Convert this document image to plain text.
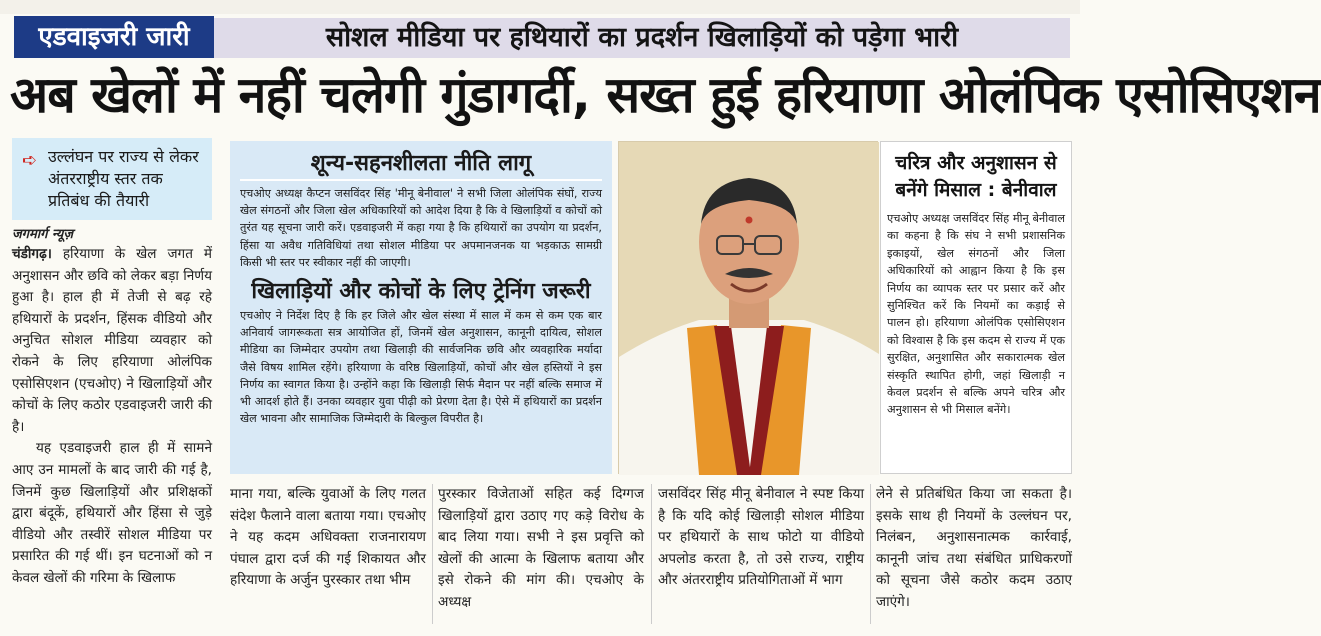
एडवाइजरी जारी	सोशल मीडिया पर हथियारों का प्रदर्शन खिलाड़ियों को पड़ेगा भारी
अब खेलों में नहीं चलेगी गुंडागर्दी, सख्त हुई हरियाणा ओलंपिक एसोसिएशन
➪ उल्लंघन पर राज्य से लेकर अंतरराष्ट्रीय स्तर तक प्रतिबंध की तैयारी
जगमार्ग न्यूज़

चंडीगढ़। हरियाणा के खेल जगत में अनुशासन और छवि को लेकर बड़ा निर्णय हुआ है। हाल ही में तेजी से बढ़ रहे हथियारों के प्रदर्शन, हिंसक वीडियो और अनुचित सोशल मीडिया व्यवहार को रोकने के लिए हरियाणा ओलंपिक एसोसिएशन (एचओए) ने खिलाड़ियों और कोचों के लिए कठोर एडवाइजरी जारी की है।

यह एडवाइजरी हाल ही में सामने आए उन मामलों के बाद जारी की गई है, जिनमें कुछ खिलाड़ियों और प्रशिक्षकों द्वारा बंदूकें, हथियारों और हिंसा से जुड़े वीडियो और तस्वीरें सोशल मीडिया पर प्रसारित की गई थीं। इन घटनाओं को न केवल खेलों की गरिमा के खिलाफ

शून्य-सहनशीलता नीति लागू

एचओए अध्यक्ष कैप्टन जसविंदर सिंह 'मीनू बेनीवाल' ने सभी जिला ओलंपिक संघों, राज्य खेल संगठनों और जिला खेल अधिकारियों को आदेश दिया है कि वे खिलाड़ियों व कोचों को तुरंत यह सूचना जारी करें। एडवाइजरी में कहा गया है कि हथियारों का उपयोग या प्रदर्शन, हिंसा या अवैध गतिविधियां तथा सोशल मीडिया पर अपमानजनक या भड़काऊ सामग्री किसी भी स्तर पर स्वीकार नहीं की जाएगी।

खिलाड़ियों और कोचों के लिए ट्रेनिंग जरूरी

एचओए ने निर्देश दिए है कि हर जिले और खेल संस्था में साल में कम से कम एक बार अनिवार्य जागरूकता सत्र आयोजित हों, जिनमें खेल अनुशासन, कानूनी दायित्व, सोशल मीडिया का जिम्मेदार उपयोग तथा खिलाड़ी की सार्वजनिक छवि और व्यवहारिक मर्यादा जैसे विषय शामिल रहेंगे। हरियाणा के वरिष्ठ खिलाड़ियों, कोचों और खेल हस्तियों ने इस निर्णय का स्वागत किया है। उन्होंने कहा कि खिलाड़ी सिर्फ मैदान पर नहीं बल्कि समाज में भी आदर्श होते हैं। उनका व्यवहार युवा पीढ़ी को प्रेरणा देता है। ऐसे में हथियारों का प्रदर्शन खेल भावना और सामाजिक जिम्मेदारी के बिल्कुल विपरीत है।

चरित्र और अनुशासन से बनेंगे मिसाल : बेनीवाल

एचओए अध्यक्ष जसविंदर सिंह मीनू बेनीवाल का कहना है कि संघ ने सभी प्रशासनिक इकाइयों, खेल संगठनों और जिला अधिकारियों को आह्वान किया है कि इस निर्णय का व्यापक स्तर पर प्रसार करें और सुनिश्चित करें कि नियमों का कड़ाई से पालन हो। हरियाणा ओलंपिक एसोसिएशन को विश्वास है कि इस कदम से राज्य में एक सुरक्षित, अनुशासित और सकारात्मक खेल संस्कृति स्थापित होगी, जहां खिलाड़ी न केवल प्रदर्शन से बल्कि अपने चरित्र और अनुशासन से भी मिसाल बनेंगे।

माना गया, बल्कि युवाओं के लिए गलत संदेश फैलाने वाला बताया गया। एचओए ने यह कदम अधिवक्ता राजनारायण पंघाल द्वारा दर्ज की गई शिकायत और हरियाणा के अर्जुन पुरस्कार तथा भीम

पुरस्कार विजेताओं सहित कई दिग्गज खिलाड़ियों द्वारा उठाए गए कड़े विरोध के बाद लिया गया। सभी ने इस प्रवृत्ति को खेलों की आत्मा के खिलाफ बताया और इसे रोकने की मांग की। एचओए के अध्यक्ष

जसविंदर सिंह मीनू बेनीवाल ने स्पष्ट किया है कि यदि कोई खिलाड़ी सोशल मीडिया पर हथियारों के साथ फोटो या वीडियो अपलोड करता है, तो उसे राज्य, राष्ट्रीय और अंतरराष्ट्रीय प्रतियोगिताओं में भाग

लेने से प्रतिबंधित किया जा सकता है। इसके साथ ही नियमों के उल्लंघन पर, निलंबन, अनुशासनात्मक कार्रवाई, कानूनी जांच तथा संबंधित प्राधिकरणों को सूचना जैसे कठोर कदम उठाए जाएंगे।
